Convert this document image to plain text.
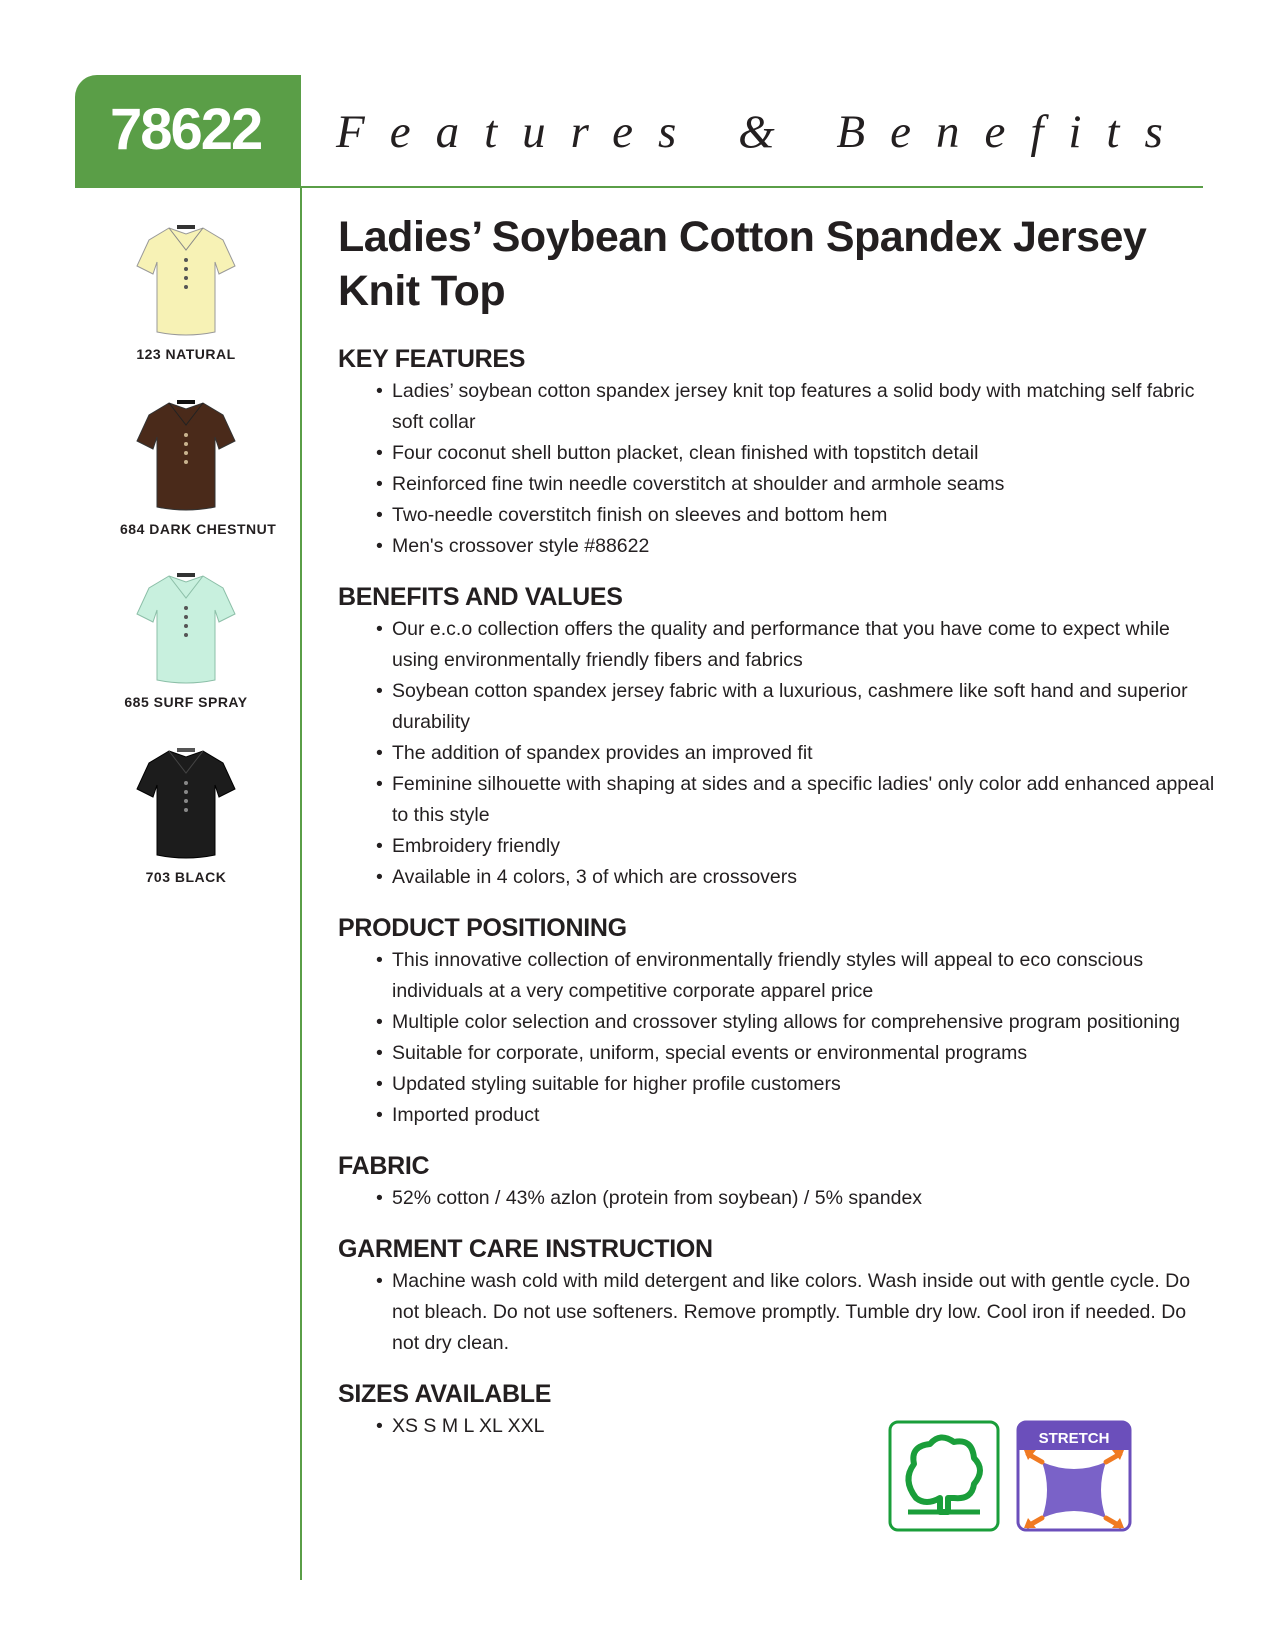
78622 Features & Benefits
123 NATURAL
684 DARK CHESTNUT
685 SURF SPRAY
703 BLACK
Ladies’ Soybean Cotton Spandex Jersey Knit Top
KEY FEATURES
• Ladies’ soybean cotton spandex jersey knit top features a solid body with matching self fabric soft collar
• Four coconut shell button placket, clean finished with topstitch detail
• Reinforced fine twin needle coverstitch at shoulder and armhole seams
• Two-needle coverstitch finish on sleeves and bottom hem
• Men's crossover style #88622
BENEFITS AND VALUES
• Our e.c.o collection offers the quality and performance that you have come to expect while using environmentally friendly fibers and fabrics
• Soybean cotton spandex jersey fabric with a luxurious, cashmere like soft hand and superior durability
• The addition of spandex provides an improved fit
• Feminine silhouette with shaping at sides and a specific ladies' only color add enhanced appeal to this style
• Embroidery friendly
• Available in 4 colors, 3 of which are crossovers
PRODUCT POSITIONING
• This innovative collection of environmentally friendly styles will appeal to eco conscious individuals at a very competitive corporate apparel price
• Multiple color selection and crossover styling allows for comprehensive program positioning
• Suitable for corporate, uniform, special events or environmental programs
• Updated styling suitable for higher profile customers
• Imported product
FABRIC
• 52% cotton / 43% azlon (protein from soybean) / 5% spandex
GARMENT CARE INSTRUCTION
• Machine wash cold with mild detergent and like colors. Wash inside out with gentle cycle. Do not bleach. Do not use softeners. Remove promptly. Tumble dry low. Cool iron if needed. Do not dry clean.
SIZES AVAILABLE
• XS S M L XL XXL
STRETCH
